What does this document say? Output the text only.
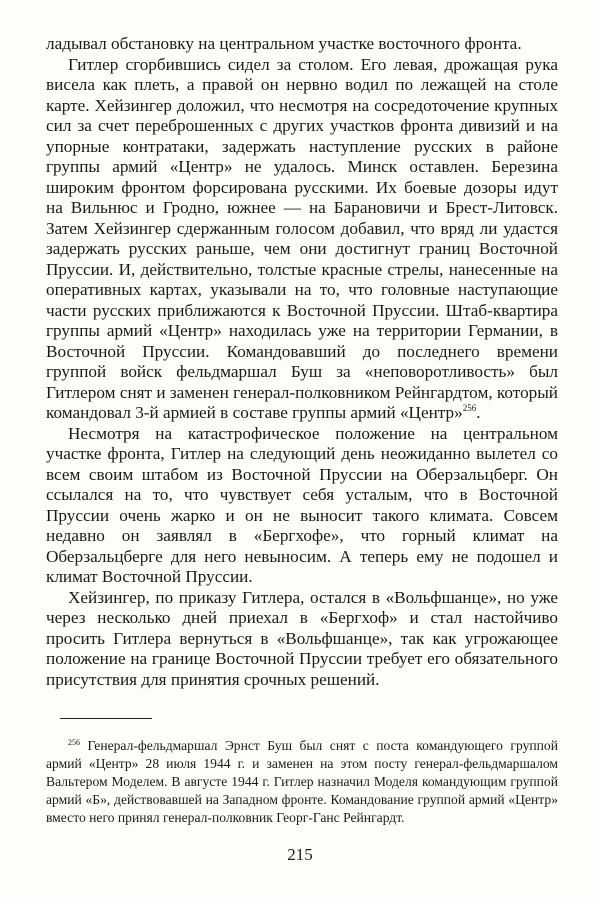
ладывал обстановку на центральном участке восточного фронта.

Гитлер сгорбившись сидел за столом. Его левая, дрожащая рука висела как плеть, а правой он нервно водил по лежащей на столе карте. Хейзингер доложил, что несмотря на сосредоточение крупных сил за счет переброшенных с других участков фронта дивизий и на упорные контратаки, задержать наступление русских в районе группы армий «Центр» не удалось. Минск оставлен. Березина широким фронтом форсирована русскими. Их боевые дозоры идут на Вильнюс и Гродно, южнее — на Барановичи и Брест-Литовск. Затем Хейзингер сдержанным голосом добавил, что вряд ли удастся задержать русских раньше, чем они достигнут границ Восточной Пруссии. И, действительно, толстые красные стрелы, нанесенные на оперативных картах, указывали на то, что головные наступающие части русских приближаются к Восточной Пруссии. Штаб-квартира группы армий «Центр» находилась уже на территории Германии, в Восточной Пруссии. Командовавший до последнего времени группой войск фельдмаршал Буш за «неповоротливость» был Гитлером снят и заменен генерал-полковником Рейнгардтом, который командовал 3-й армией в составе группы армий «Центр»$^{256}$.

Несмотря на катастрофическое положение на центральном участке фронта, Гитлер на следующий день неожиданно вылетел со всем своим штабом из Восточной Пруссии на Оберзальцберг. Он ссылался на то, что чувствует себя усталым, что в Восточной Пруссии очень жарко и он не выносит такого климата. Совсем недавно он заявлял в «Бергхофе», что горный климат на Оберзальцберге для него невыносим. А теперь ему не подошел и климат Восточной Пруссии.

Хейзингер, по приказу Гитлера, остался в «Вольфшанце», но уже через несколько дней приехал в «Бергхоф» и стал настойчиво просить Гитлера вернуться в «Вольфшанце», так как угрожающее положение на границе Восточной Пруссии требует его обязательного присутствия для принятия срочных решений.

$^{256}$ Генерал-фельдмаршал Эрнст Буш был снят с поста командующего группой армий «Центр» 28 июля 1944 г. и заменен на этом посту генерал-фельдмаршалом Вальтером Моделем. В августе 1944 г. Гитлер назначил Моделя командующим группой армий «Б», действовавшей на Западном фронте. Командование группой армий «Центр» вместо него принял генерал-полковник Георг-Ганс Рейнгардт.

215
